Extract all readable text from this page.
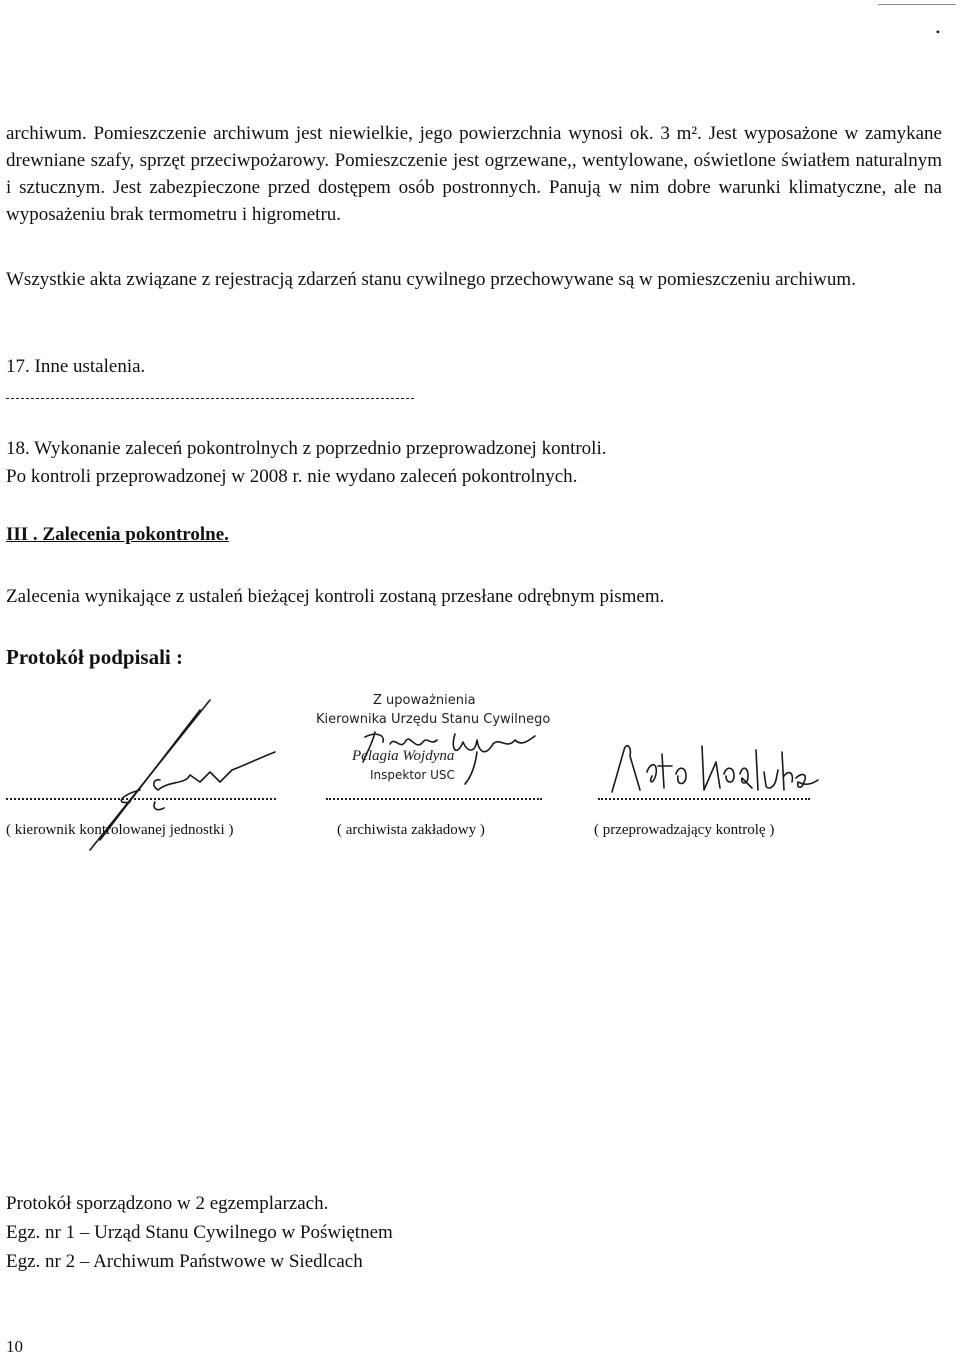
•
archiwum. Pomieszczenie archiwum jest niewielkie, jego powierzchnia wynosi ok. 3 m². Jest wyposażone w zamykane drewniane szafy, sprzęt przeciwpożarowy. Pomieszczenie jest ogrzewane,, wentylowane, oświetlone światłem naturalnym i sztucznym. Jest zabezpieczone przed dostępem osób postronnych. Panują w nim dobre warunki klimatyczne, ale na wyposażeniu brak termometru i higrometru.
Wszystkie akta związane z rejestracją zdarzeń stanu cywilnego przechowywane są w pomieszczeniu archiwum.
17. Inne ustalenia.
18. Wykonanie zaleceń pokontrolnych z poprzednio przeprowadzonej kontroli.
Po kontroli przeprowadzonej w 2008 r. nie wydano zaleceń pokontrolnych.
III . Zalecenia pokontrolne.
Zalecenia wynikające z ustaleń bieżącej kontroli zostaną przesłane odrębnym pismem.
Protokół podpisali :
Z upoważnienia
Kierownika Urzędu Stanu Cywilnego
Pelagia Wojdyna
Inspektor USC
( kierownik kontrolowanej jednostki )	( archiwista zakładowy )	( przeprowadzający kontrolę )
Protokół sporządzono w 2 egzemplarzach.
Egz. nr 1 – Urząd Stanu Cywilnego w Poświętnem
Egz. nr 2 – Archiwum Państwowe w Siedlcach
10
